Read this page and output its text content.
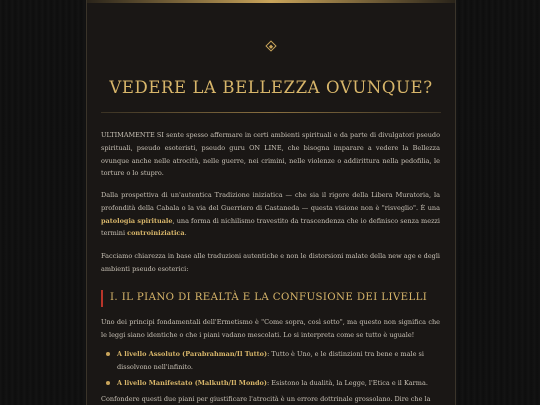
VEDERE LA BELLEZZA OVUNQUE?

ULTIMAMENTE SI sente spesso affermare in certi ambienti spirituali e da parte di divulgatori pseudo spirituali, pseudo esoteristi, pseudo guru ON LINE, che bisogna imparare a vedere la Bellezza ovunque anche nelle atrocità, nelle guerre, nei crimini, nelle violenze o addirittura nella pedofilia, le torture o lo stupro.

Dalla prospettiva di un'autentica Tradizione iniziatica — che sia il rigore della Libera Muratoria, la profondità della Cabala o la via del Guerriero di Castaneda — questa visione non è "risveglio". È una patologia spirituale, una forma di nichilismo travestito da trascendenza che io definisco senza mezzi termini controiniziatica.

Facciamo chiarezza in base alle traduzioni autentiche e non le distorsioni malate della new age e degli ambienti pseudo esoterici:

I. IL PIANO DI REALTÀ E LA CONFUSIONE DEI LIVELLI

Uno dei principi fondamentali dell'Ermetismo è "Come sopra, così sotto", ma questo non significa che le leggi siano identiche o che i piani vadano mescolati. Lo si interpreta come se tutto è uguale!

A livello Assoluto (Parabrahman/Il Tutto): Tutto è Uno, e le distinzioni tra bene e male si dissolvono nell'infinito.
A livello Manifestato (Malkuth/Il Mondo): Esistono la dualità, la Legge, l'Etica e il Karma.

Confondere questi due piani per giustificare l'atrocità è un errore dottrinale grossolano. Dire che la
